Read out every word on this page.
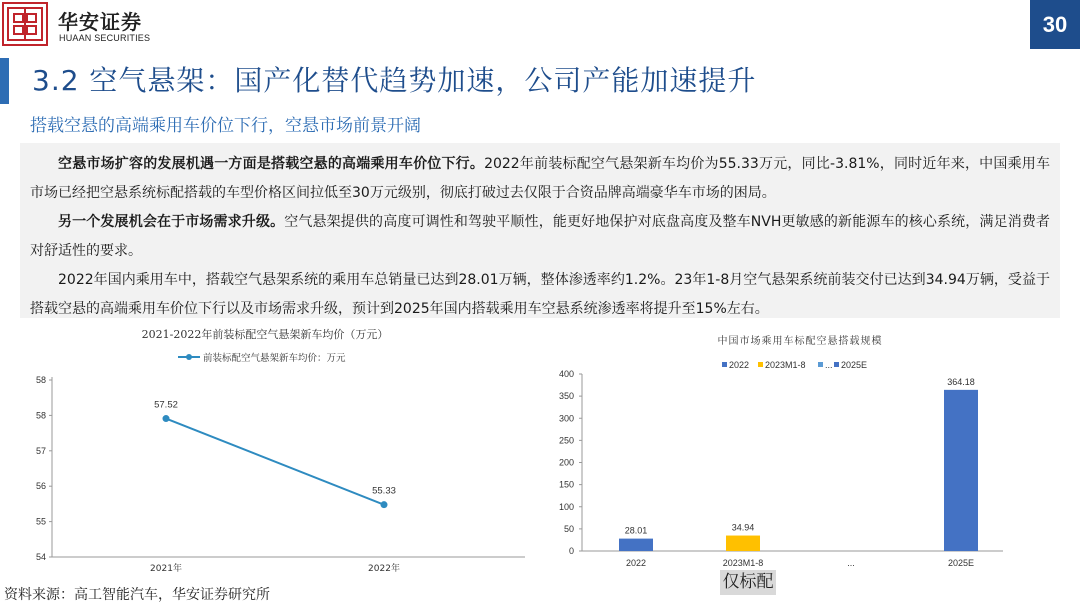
华安证券
HUAAN SECURITIES
30
3.2 空气悬架：国产化替代趋势加速，公司产能加速提升
搭载空悬的高端乘用车价位下行，空悬市场前景开阔

空悬市场扩容的发展机遇一方面是搭载空悬的高端乘用车价位下行。2022年前装标配空气悬架新车均价为55.33万元，同比-3.81%，同时近年来，中国乘用车市场已经把空悬系统标配搭载的车型价格区间拉低至30万元级别，彻底打破过去仅限于合资品牌高端豪华车市场的困局。

另一个发展机会在于市场需求升级。空气悬架提供的高度可调性和驾驶平顺性，能更好地保护对底盘高度及整车NVH更敏感的新能源车的核心系统，满足消费者对舒适性的要求。

2022年国内乘用车中，搭载空气悬架系统的乘用车总销量已达到28.01万辆，整体渗透率约1.2%。23年1-8月空气悬架系统前装交付已达到34.94万辆，受益于搭载空悬的高端乘用车价位下行以及市场需求升级，预计到2025年国内搭载乘用车空悬系统渗透率将提升至15%左右。

2021-2022年前装标配空气悬架新车均价（万元）
前装标配空气悬架新车均价：万元
58
58
57
56
55
54
57.52
55.33
2021年	2022年
中国市场乘用车标配空悬搭载规模
2022 2023M1-8 ... 2025E
0
50
100
150
200
250
300
350
400
28.01
2022
34.94
2023M1-8	...
364.18
2025E
资料来源：高工智能汽车，华安证券研究所
仅标配
